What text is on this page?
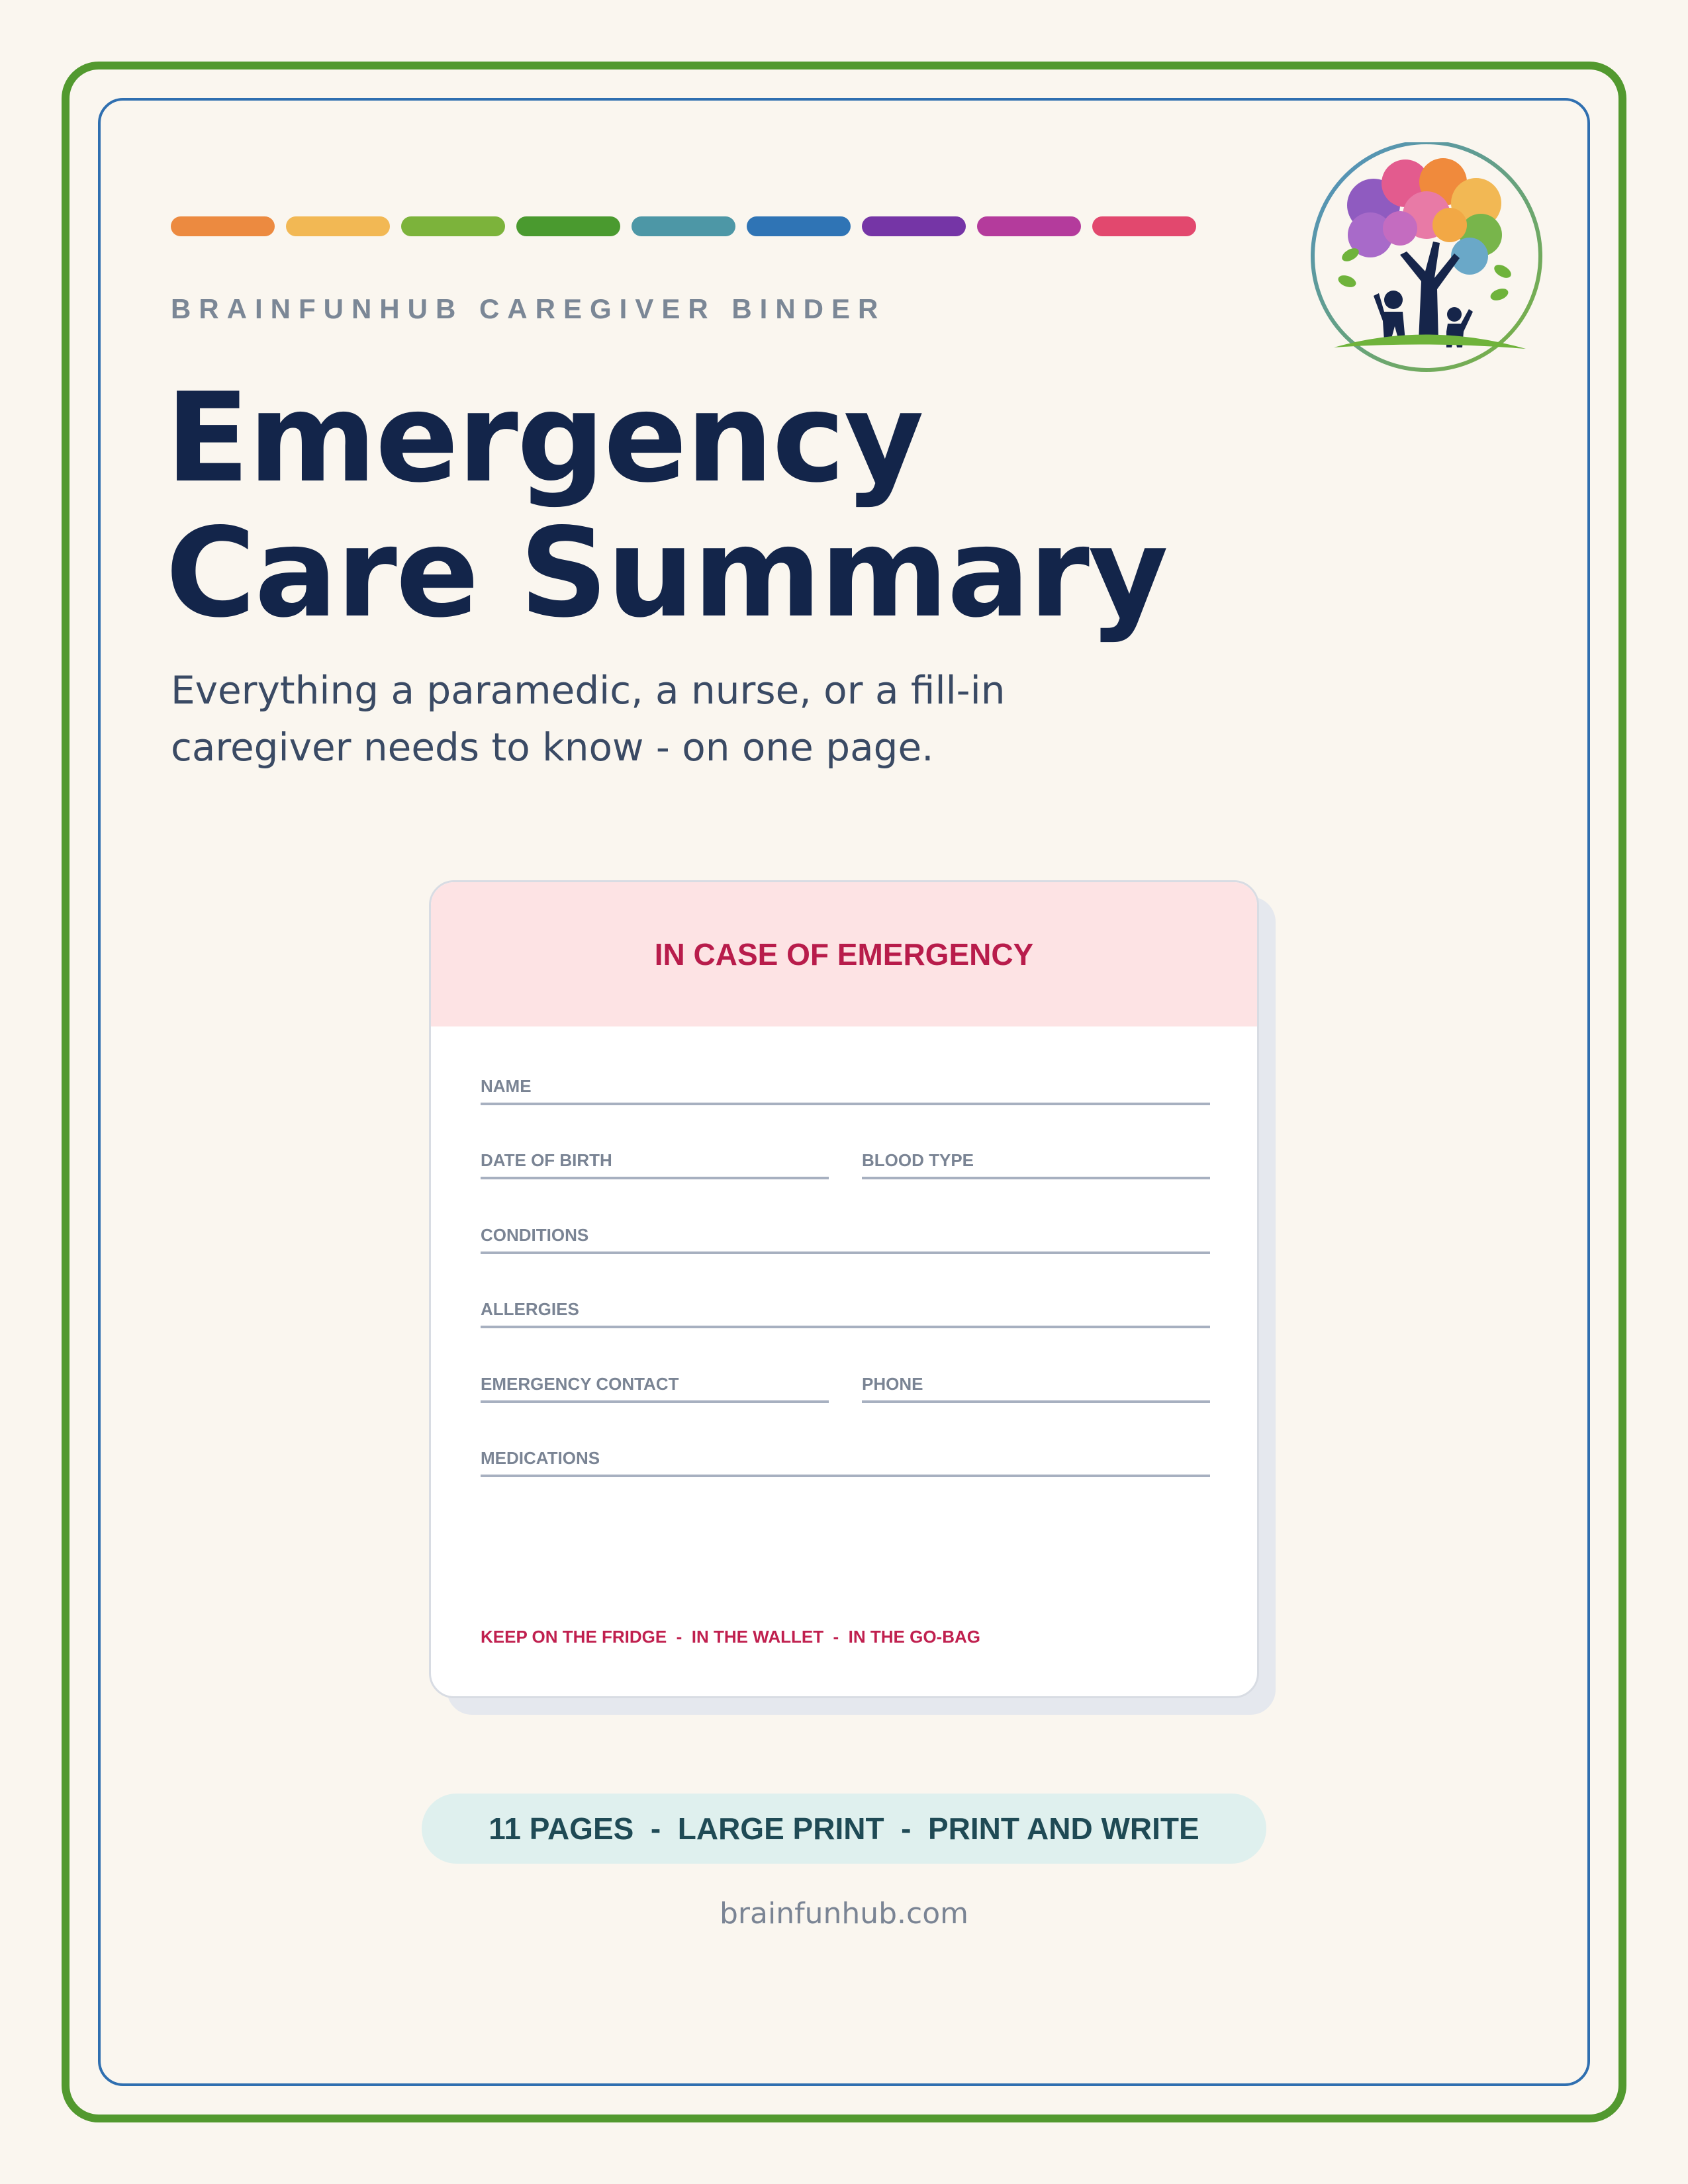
BRAINFUNHUB CAREGIVER BINDER
Emergency
Care Summary
Everything a paramedic, a nurse, or a fill-in
caregiver needs to know - on one page.
IN CASE OF EMERGENCY
NAME
DATE OF BIRTH	BLOOD TYPE
CONDITIONS
ALLERGIES
EMERGENCY CONTACT	PHONE
MEDICATIONS
KEEP ON THE FRIDGE  -  IN THE WALLET  -  IN THE GO-BAG
11 PAGES  -  LARGE PRINT  -  PRINT AND WRITE
brainfunhub.com
